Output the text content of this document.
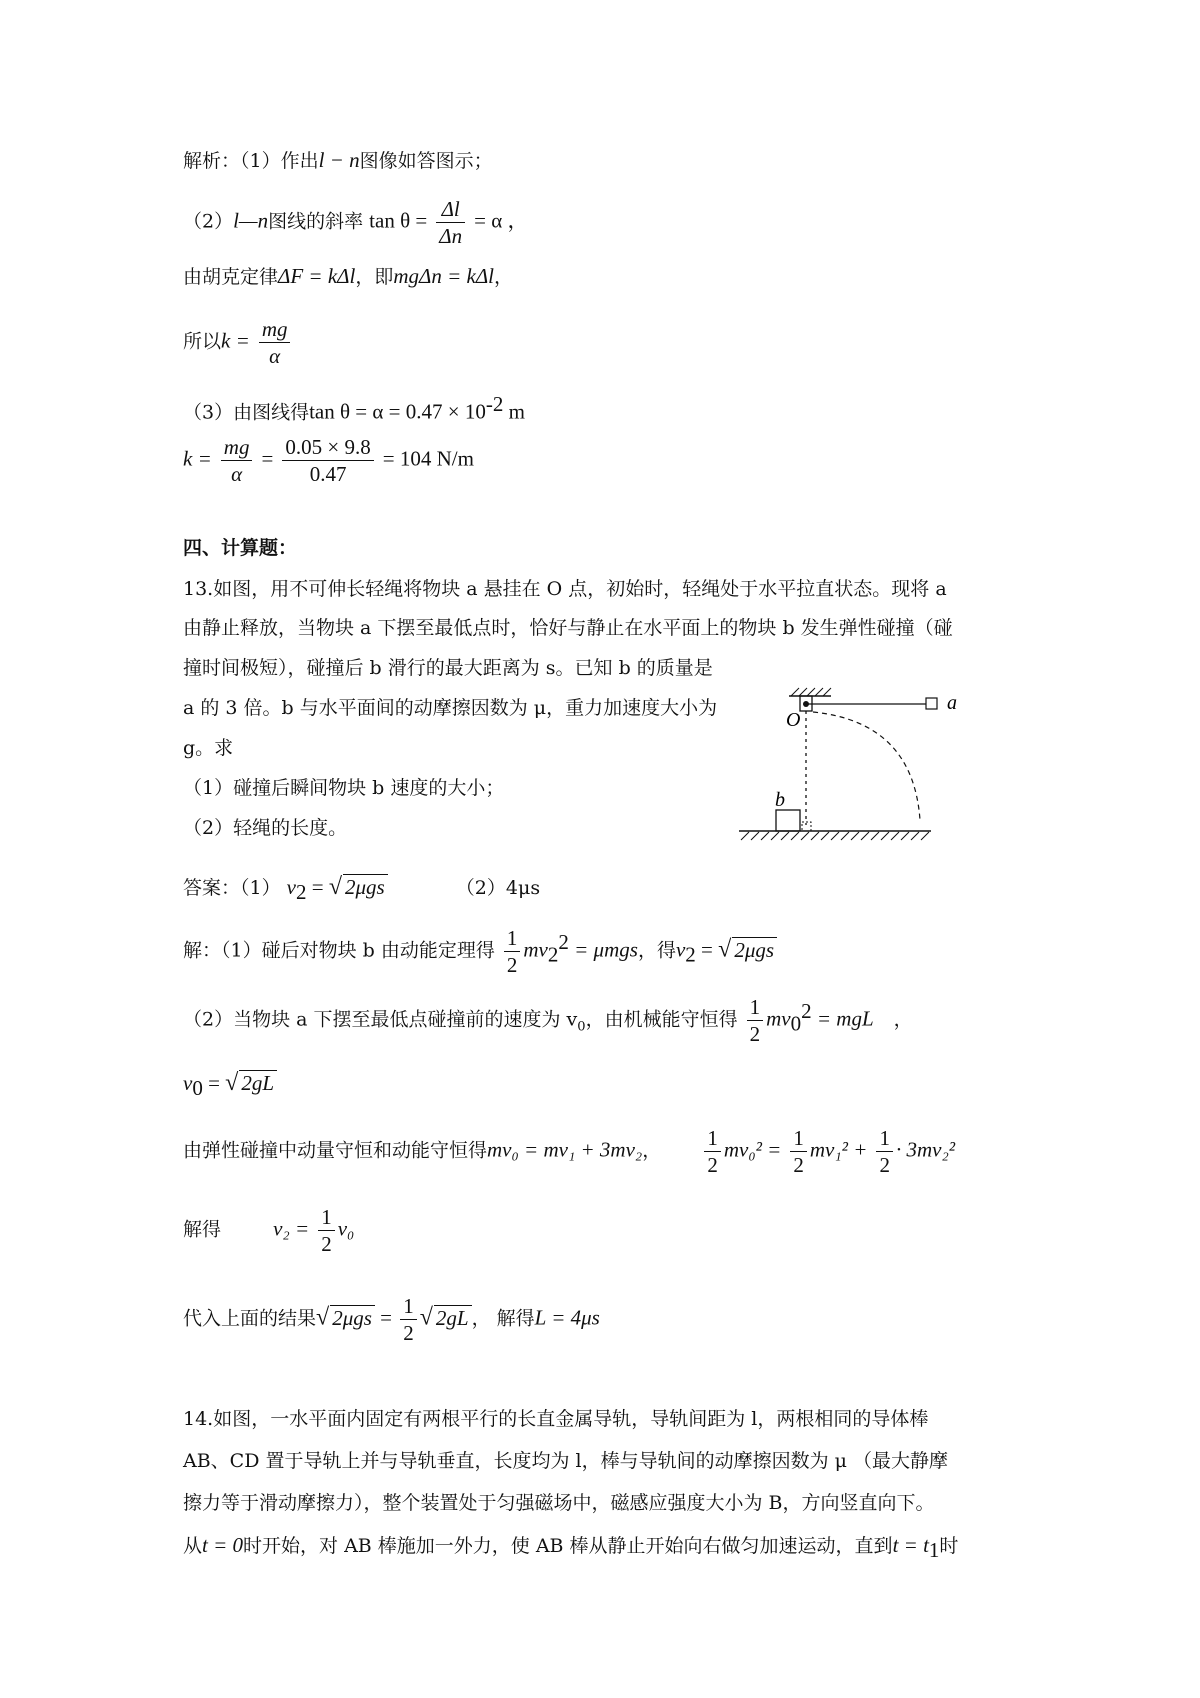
解析：（1）作出l − n图像如答图示；
（2）l—n图线的斜率 $\tan \theta = \frac{\Delta l}{\Delta n} = \alpha$ ，
由胡克定律ΔF = kΔl，即mgΔn = kΔl，
所以$k = \frac{mg}{\alpha}$
（3）由图线得$\tan \theta = \alpha = 0.47 \times 10^{-2}$ m
$k = \frac{mg}{\alpha} = \frac{0.05 \times 9.8}{0.47} = 104$ N/m
四、计算题：
13.如图，用不可伸长轻绳将物块 a 悬挂在 O 点，初始时，轻绳处于水平拉直状态。现将 a
由静止释放，当物块 a 下摆至最低点时，恰好与静止在水平面上的物块 b 发生弹性碰撞（碰
撞时间极短），碰撞后 b 滑行的最大距离为 s。已知 b 的质量是
a 的 3 倍。b 与水平面间的动摩擦因数为 μ，重力加速度大小为
g。求
（1）碰撞后瞬间物块 b 速度的大小；
（2）轻绳的长度。
O
a
b
答案：（1） $v_2$ = √ 2μgs	（2）4μs
解：（1）碰后对物块 b 由动能定理得 $\frac{1}{2} mv_2^2 = \mu mgs$，得$v_2$ = √ 2μgs
（2）当物块 a 下摆至最低点碰撞前的速度为 $v_0$，由机械能守恒得 $\frac{1}{2} mv_0^2$ = mgL ，
$v_0$ = √ 2gL
由弹性碰撞中动量守恒和动能守恒得mv₀ = mv₁ + 3mv₂， $\frac{1}{2} mv_0^2 = \frac{1}{2} mv_1^2 + \frac{1}{2} \cdot 3mv_2^2$
解得 $v_2 = \frac{1}{2} v_0$
代入上面的结果√ $2\mu gs = \frac{1}{2}$ √ 2gL ， 解得L = 4μs
14.如图，一水平面内固定有两根平行的长直金属导轨，导轨间距为 l，两根相同的导体棒
AB、CD 置于导轨上并与导轨垂直，长度均为 l，棒与导轨间的动摩擦因数为 μ （最大静摩
擦力等于滑动摩擦力），整个装置处于匀强磁场中，磁感应强度大小为 B，方向竖直向下。
从t = 0时开始，对 AB 棒施加一外力，使 AB 棒从静止开始向右做匀加速运动，直到$t = t_1$时
